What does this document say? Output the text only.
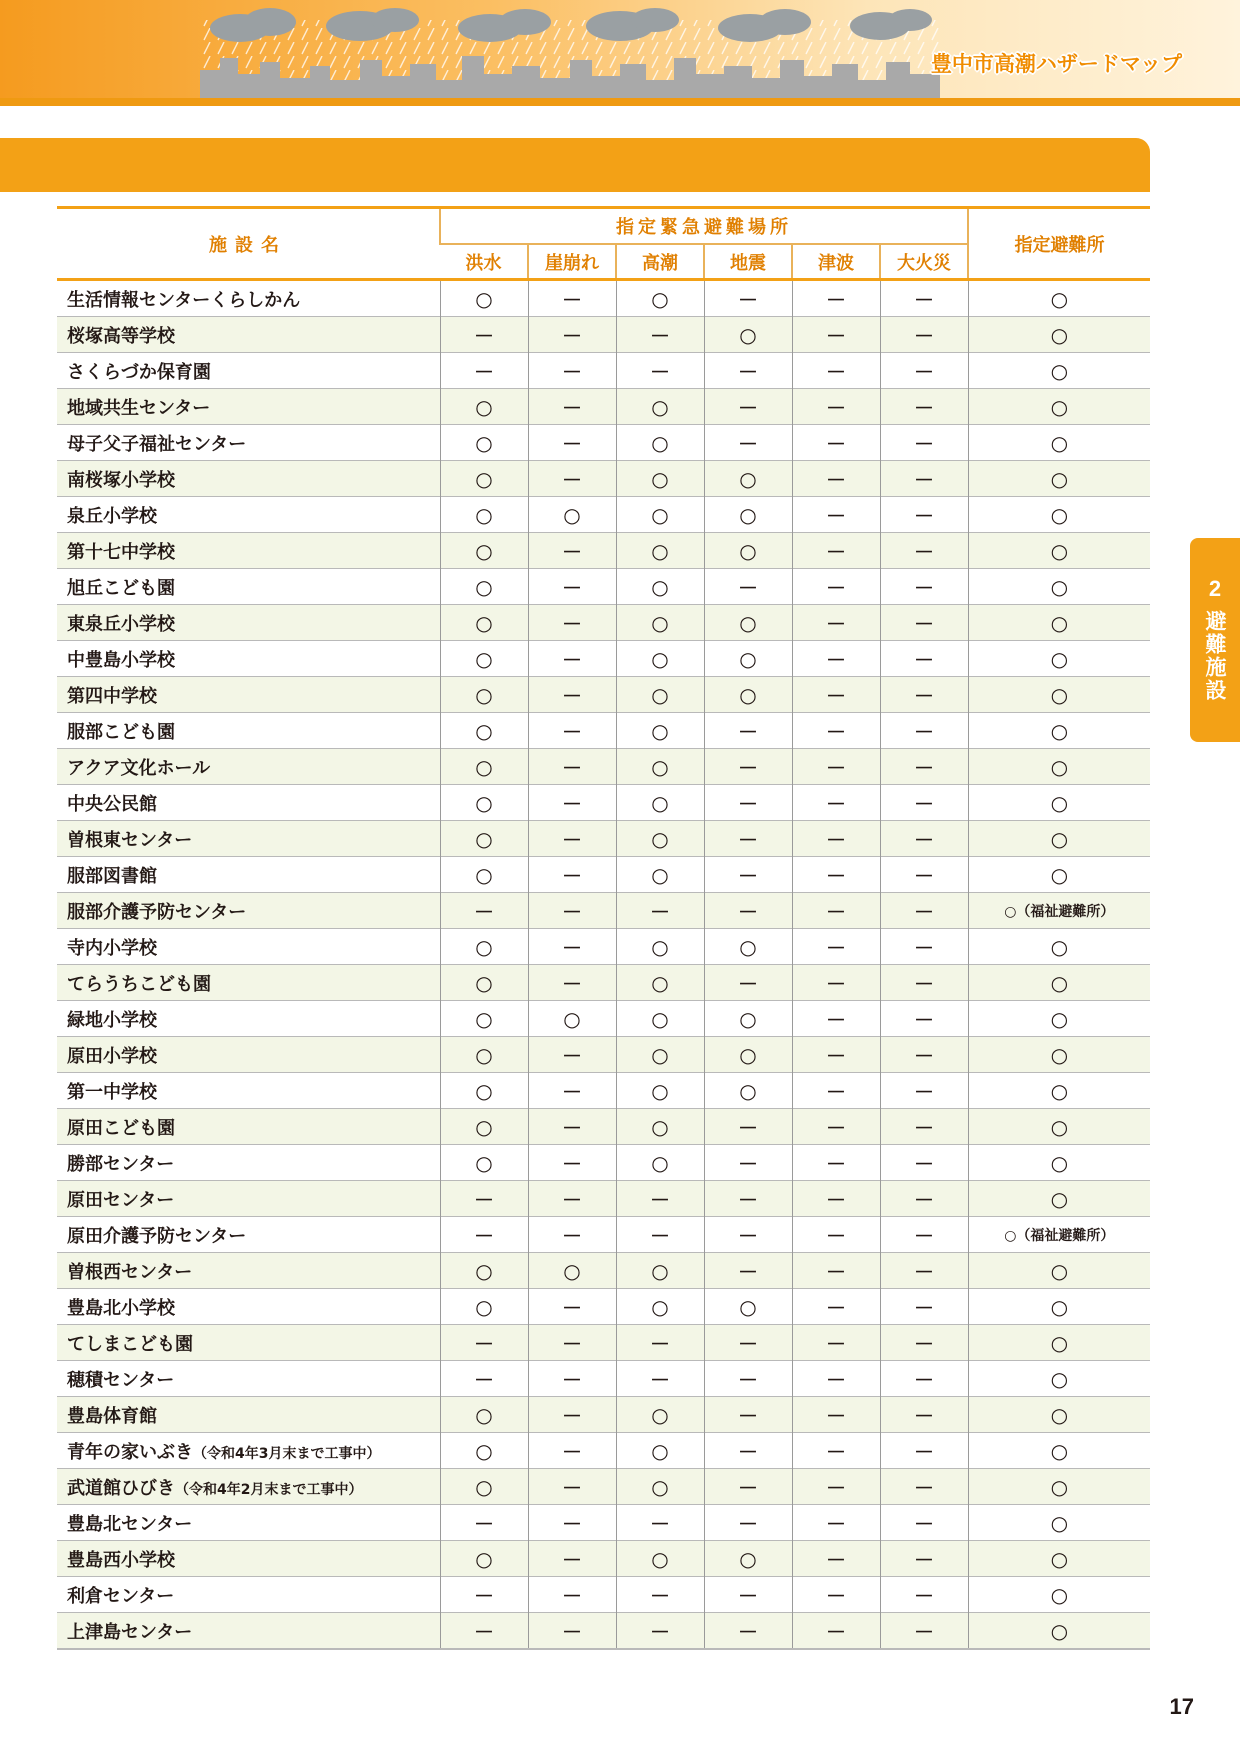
豊中市高潮ハザードマップ
2
避難施設
施設名	指定緊急避難場所						指定避難所
	洪水	崖崩れ	高潮	地震	津波	大火災	
生活情報センターくらしかん	○	－	○	－	－	－	○
桜塚高等学校	－	－	－	○	－	－	○
さくらづか保育園	－	－	－	－	－	－	○
地域共生センター	○	－	○	－	－	－	○
母子父子福祉センター	○	－	○	－	－	－	○
南桜塚小学校	○	－	○	○	－	－	○
泉丘小学校	○	○	○	○	－	－	○
第十七中学校	○	－	○	○	－	－	○
旭丘こども園	○	－	○	－	－	－	○
東泉丘小学校	○	－	○	○	－	－	○
中豊島小学校	○	－	○	○	－	－	○
第四中学校	○	－	○	○	－	－	○
服部こども園	○	－	○	－	－	－	○
アクア文化ホール	○	－	○	－	－	－	○
中央公民館	○	－	○	－	－	－	○
曽根東センター	○	－	○	－	－	－	○
服部図書館	○	－	○	－	－	－	○
服部介護予防センター	－	－	－	－	－	－	○（福祉避難所）
寺内小学校	○	－	○	○	－	－	○
てらうちこども園	○	－	○	－	－	－	○
緑地小学校	○	○	○	○	－	－	○
原田小学校	○	－	○	○	－	－	○
第一中学校	○	－	○	○	－	－	○
原田こども園	○	－	○	－	－	－	○
勝部センター	○	－	○	－	－	－	○
原田センター	－	－	－	－	－	－	○
原田介護予防センター	－	－	－	－	－	－	○（福祉避難所）
曽根西センター	○	○	○	－	－	－	○
豊島北小学校	○	－	○	○	－	－	○
てしまこども園	－	－	－	－	－	－	○
穂積センター	－	－	－	－	－	－	○
豊島体育館	○	－	○	－	－	－	○
青年の家いぶき（令和4年3月末まで工事中）	○	－	○	－	－	－	○
武道館ひびき（令和4年2月末まで工事中）	○	－	○	－	－	－	○
豊島北センター	－	－	－	－	－	－	○
豊島西小学校	○	－	○	○	－	－	○
利倉センター	－	－	－	－	－	－	○
上津島センター	－	－	－	－	－	－	○
17
